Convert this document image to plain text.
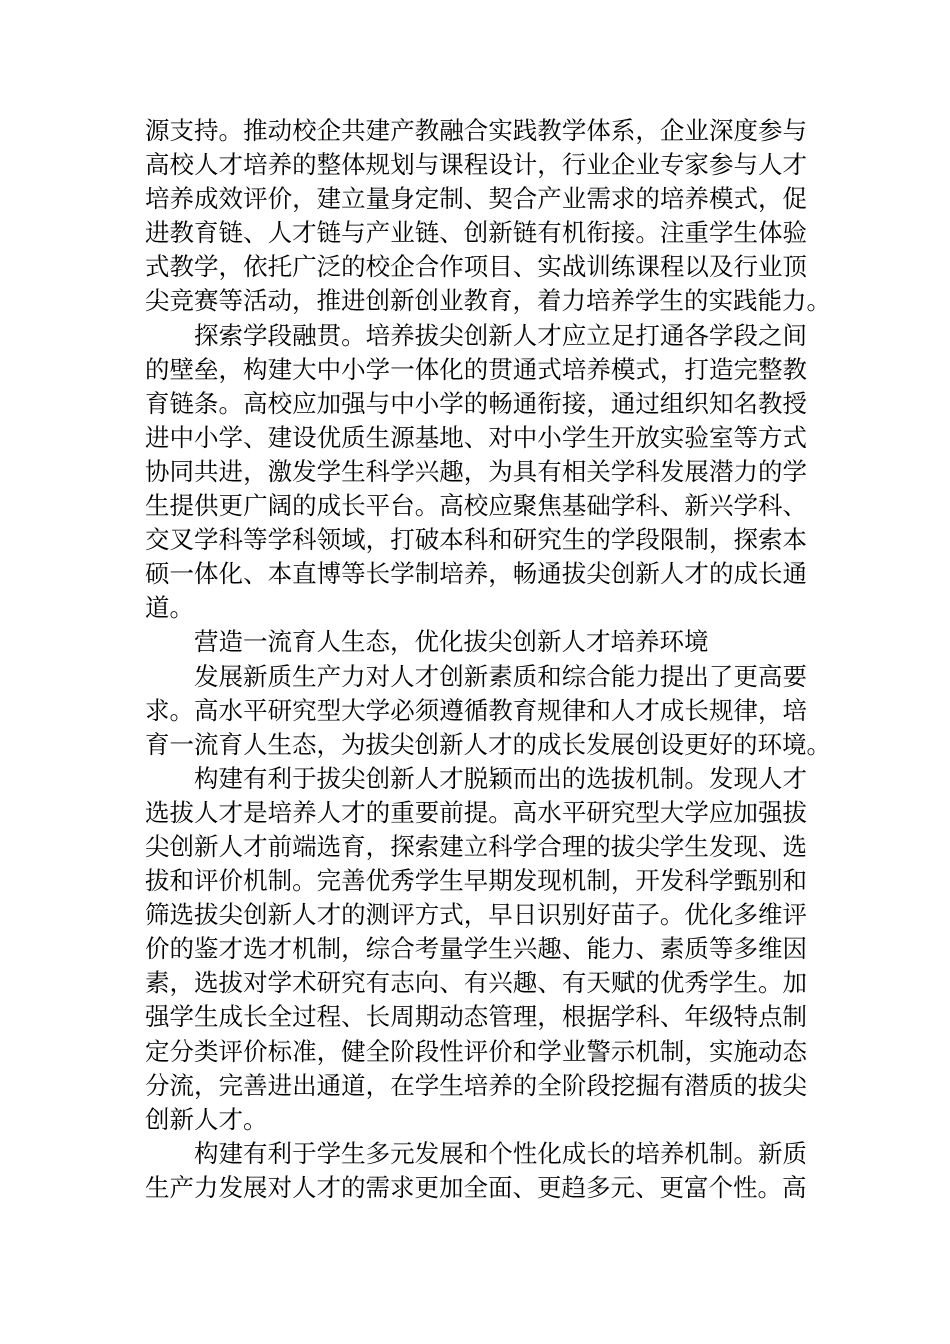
源支持。推动校企共建产教融合实践教学体系，企业深度参与
高校人才培养的整体规划与课程设计，行业企业专家参与人才
培养成效评价，建立量身定制、契合产业需求的培养模式，促
进教育链、人才链与产业链、创新链有机衔接。注重学生体验
式教学，依托广泛的校企合作项目、实战训练课程以及行业顶
尖竞赛等活动，推进创新创业教育，着力培养学生的实践能力。
探索学段融贯。培养拔尖创新人才应立足打通各学段之间
的壁垒，构建大中小学一体化的贯通式培养模式，打造完整教
育链条。高校应加强与中小学的畅通衔接，通过组织知名教授
进中小学、建设优质生源基地、对中小学生开放实验室等方式
协同共进，激发学生科学兴趣，为具有相关学科发展潜力的学
生提供更广阔的成长平台。高校应聚焦基础学科、新兴学科、
交叉学科等学科领域，打破本科和研究生的学段限制，探索本
硕一体化、本直博等长学制培养，畅通拔尖创新人才的成长通
道。
营造一流育人生态，优化拔尖创新人才培养环境
发展新质生产力对人才创新素质和综合能力提出了更高要
求。高水平研究型大学必须遵循教育规律和人才成长规律，培
育一流育人生态，为拔尖创新人才的成长发展创设更好的环境。
构建有利于拔尖创新人才脱颖而出的选拔机制。发现人才
选拔人才是培养人才的重要前提。高水平研究型大学应加强拔
尖创新人才前端选育，探索建立科学合理的拔尖学生发现、选
拔和评价机制。完善优秀学生早期发现机制，开发科学甄别和
筛选拔尖创新人才的测评方式，早日识别好苗子。优化多维评
价的鉴才选才机制，综合考量学生兴趣、能力、素质等多维因
素，选拔对学术研究有志向、有兴趣、有天赋的优秀学生。加
强学生成长全过程、长周期动态管理，根据学科、年级特点制
定分类评价标准，健全阶段性评价和学业警示机制，实施动态
分流，完善进出通道，在学生培养的全阶段挖掘有潜质的拔尖
创新人才。
构建有利于学生多元发展和个性化成长的培养机制。新质
生产力发展对人才的需求更加全面、更趋多元、更富个性。高
